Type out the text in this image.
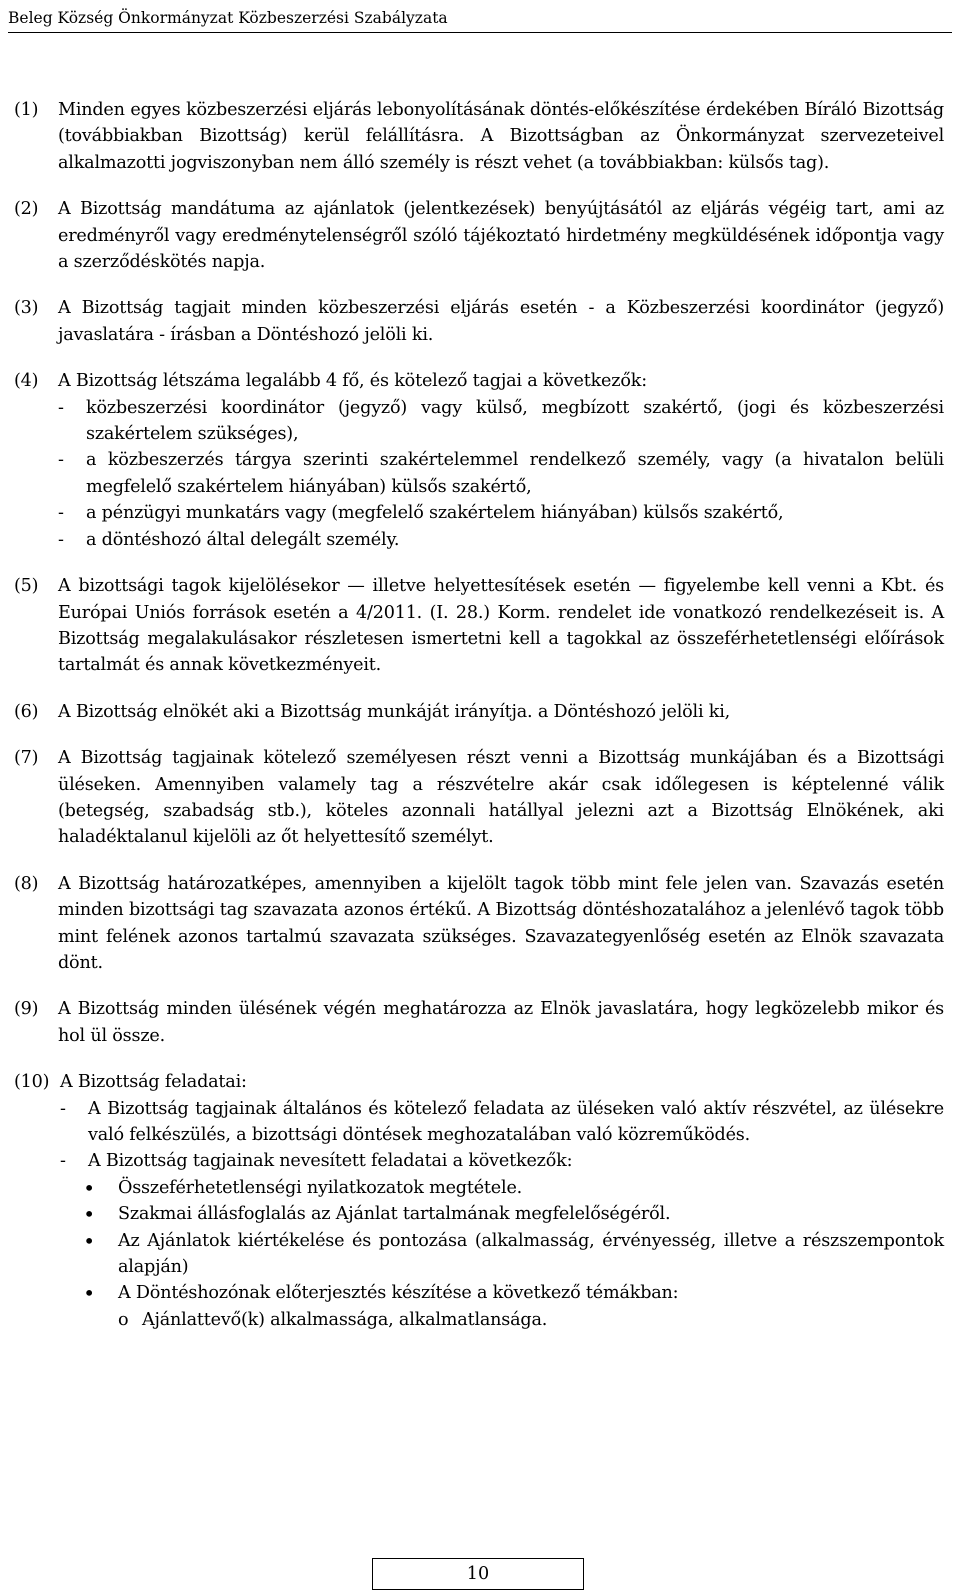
Beleg Község Önkormányzat Közbeszerzési Szabályzata
(1)	Minden egyes közbeszerzési eljárás lebonyolításának döntés-előkészítése érdekében Bíráló Bizottság (továbbiakban Bizottság) kerül felállításra. A Bizottságban az Önkormányzat szervezeteivel alkalmazotti jogviszonyban nem álló személy is részt vehet (a továbbiakban: külsős tag).
(2)	A Bizottság mandátuma az ajánlatok (jelentkezések) benyújtásától az eljárás végéig tart, ami az eredményről vagy eredménytelenségről szóló tájékoztató hirdetmény megküldésének időpontja vagy a szerződéskötés napja.
(3)	A Bizottság tagjait minden közbeszerzési eljárás esetén - a Közbeszerzési koordinátor (jegyző) javaslatára - írásban a Döntéshozó jelöli ki.
(4)	A Bizottság létszáma legalább 4 fő, és kötelező tagjai a következők:
-	közbeszerzési koordinátor (jegyző) vagy külső, megbízott szakértő, (jogi és közbeszerzési szakértelem szükséges),
-	a közbeszerzés tárgya szerinti szakértelemmel rendelkező személy, vagy (a hivatalon belüli megfelelő szakértelem hiányában) külsős szakértő,
-	a pénzügyi munkatárs vagy (megfelelő szakértelem hiányában) külsős szakértő,
-	a döntéshozó által delegált személy.
(5)	A bizottsági tagok kijelölésekor — illetve helyettesítések esetén — figyelembe kell venni a Kbt. és Európai Uniós források esetén a 4/2011. (I. 28.) Korm. rendelet ide vonatkozó rendelkezéseit is. A Bizottság megalakulásakor részletesen ismertetni kell a tagokkal az összeférhetetlenségi előírások tartalmát és annak következményeit.
(6)	A Bizottság elnökét aki a Bizottság munkáját irányítja. a Döntéshozó jelöli ki,
(7)	A Bizottság tagjainak kötelező személyesen részt venni a Bizottság munkájában és a Bizottsági üléseken. Amennyiben valamely tag a részvételre akár csak időlegesen is képtelenné válik (betegség, szabadság stb.), köteles azonnali hatállyal jelezni azt a Bizottság Elnökének, aki haladéktalanul kijelöli az őt helyettesítő személyt.
(8)	A Bizottság határozatképes, amennyiben a kijelölt tagok több mint fele jelen van. Szavazás esetén minden bizottsági tag szavazata azonos értékű. A Bizottság döntéshozatalához a jelenlévő tagok több mint felének azonos tartalmú szavazata szükséges. Szavazategyenlőség esetén az Elnök szavazata dönt.
(9)	A Bizottság minden ülésének végén meghatározza az Elnök javaslatára, hogy legközelebb mikor és hol ül össze.
(10) A Bizottság feladatai:
-	A Bizottság tagjainak általános és kötelező feladata az üléseken való aktív részvétel, az ülésekre való felkészülés, a bizottsági döntések meghozatalában való közreműködés.
-	A Bizottság tagjainak nevesített feladatai a következők:
•	Összeférhetetlenségi nyilatkozatok megtétele.
•	Szakmai állásfoglalás az Ajánlat tartalmának megfelelőségéről.
•	Az Ajánlatok kiértékelése és pontozása (alkalmasság, érvényesség, illetve a részszempontok alapján)
•	A Döntéshozónak előterjesztés készítése a következő témákban:
o Ajánlattevő(k) alkalmassága, alkalmatlansága.
10
